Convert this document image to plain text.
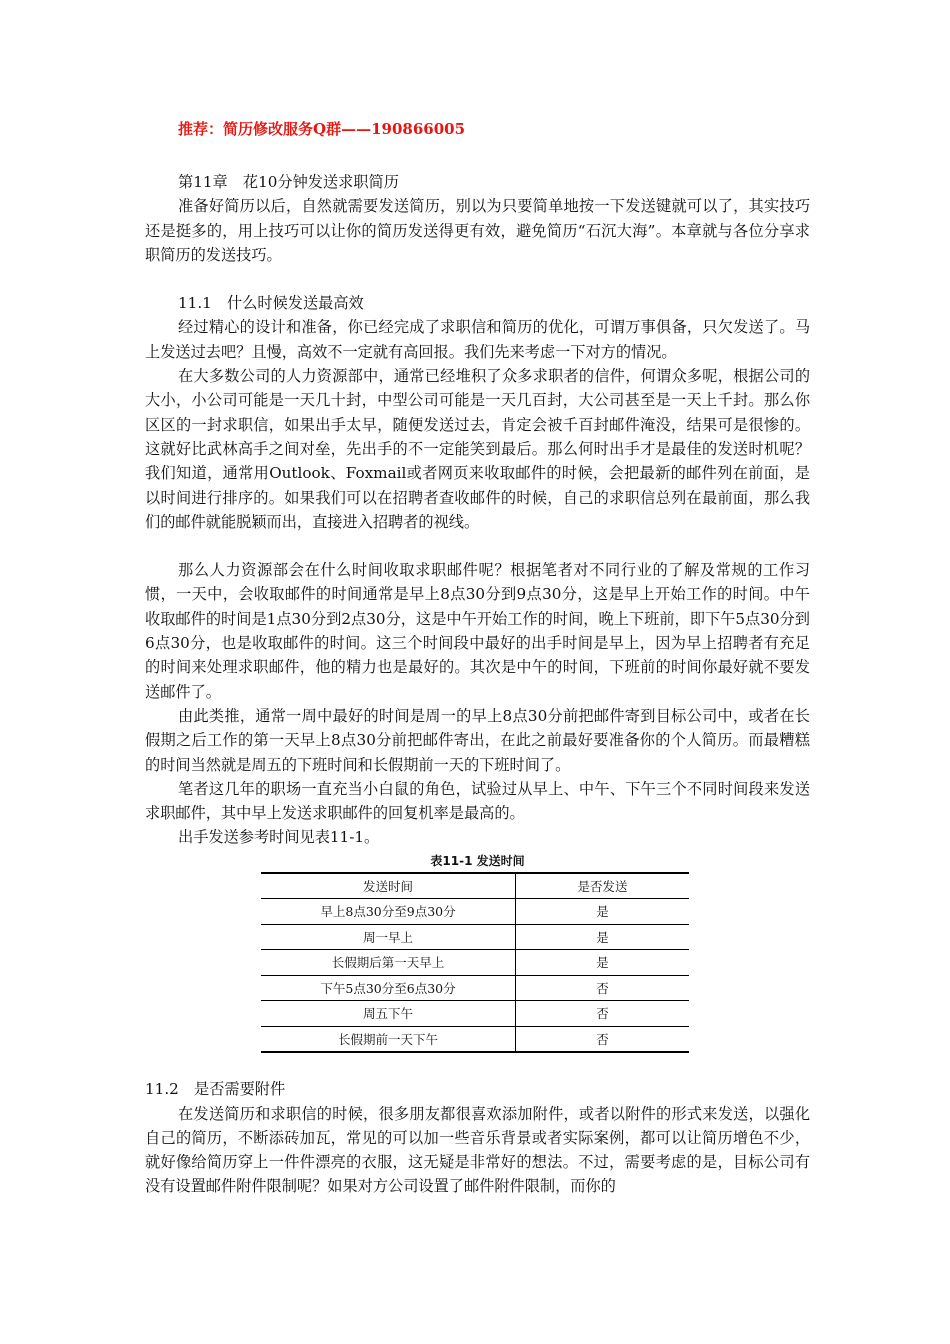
推荐：简历修改服务Q群——190866005

第11章　花10分钟发送求职简历

准备好简历以后，自然就需要发送简历，别以为只要简单地按一下发送键就可以了，其实技巧还是挺多的，用上技巧可以让你的简历发送得更有效，避免简历“石沉大海”。本章就与各位分享求职简历的发送技巧。

11.1　什么时候发送最高效

经过精心的设计和准备，你已经完成了求职信和简历的优化，可谓万事俱备，只欠发送了。马上发送过去吧？且慢，高效不一定就有高回报。我们先来考虑一下对方的情况。

在大多数公司的人力资源部中，通常已经堆积了众多求职者的信件，何谓众多呢，根据公司的大小，小公司可能是一天几十封，中型公司可能是一天几百封，大公司甚至是一天上千封。那么你区区的一封求职信，如果出手太早，随便发送过去，肯定会被千百封邮件淹没，结果可是很惨的。这就好比武林高手之间对垒，先出手的不一定能笑到最后。那么何时出手才是最佳的发送时机呢？我们知道，通常用Outlook、Foxmail或者网页来收取邮件的时候，会把最新的邮件列在前面，是以时间进行排序的。如果我们可以在招聘者查收邮件的时候，自己的求职信总列在最前面，那么我们的邮件就能脱颖而出，直接进入招聘者的视线。

那么人力资源部会在什么时间收取求职邮件呢？根据笔者对不同行业的了解及常规的工作习惯，一天中，会收取邮件的时间通常是早上8点30分到9点30分，这是早上开始工作的时间。中午收取邮件的时间是1点30分到2点30分，这是中午开始工作的时间，晚上下班前，即下午5点30分到6点30分，也是收取邮件的时间。这三个时间段中最好的出手时间是早上，因为早上招聘者有充足的时间来处理求职邮件，他的精力也是最好的。其次是中午的时间，下班前的时间你最好就不要发送邮件了。

由此类推，通常一周中最好的时间是周一的早上8点30分前把邮件寄到目标公司中，或者在长假期之后工作的第一天早上8点30分前把邮件寄出，在此之前最好要准备你的个人简历。而最糟糕的时间当然就是周五的下班时间和长假期前一天的下班时间了。

笔者这几年的职场一直充当小白鼠的角色，试验过从早上、中午、下午三个不同时间段来发送求职邮件，其中早上发送求职邮件的回复机率是最高的。

出手发送参考时间见表11-1。

表11-1 发送时间

发送时间	是否发送
早上8点30分至9点30分	是
周一早上	是
长假期后第一天早上	是
下午5点30分至6点30分	否
周五下午	否
长假期前一天下午	否

11.2　是否需要附件

在发送简历和求职信的时候，很多朋友都很喜欢添加附件，或者以附件的形式来发送，以强化自己的简历，不断添砖加瓦，常见的可以加一些音乐背景或者实际案例，都可以让简历增色不少，就好像给简历穿上一件件漂亮的衣服，这无疑是非常好的想法。不过，需要考虑的是，目标公司有没有设置邮件附件限制呢？如果对方公司设置了邮件附件限制，而你的
